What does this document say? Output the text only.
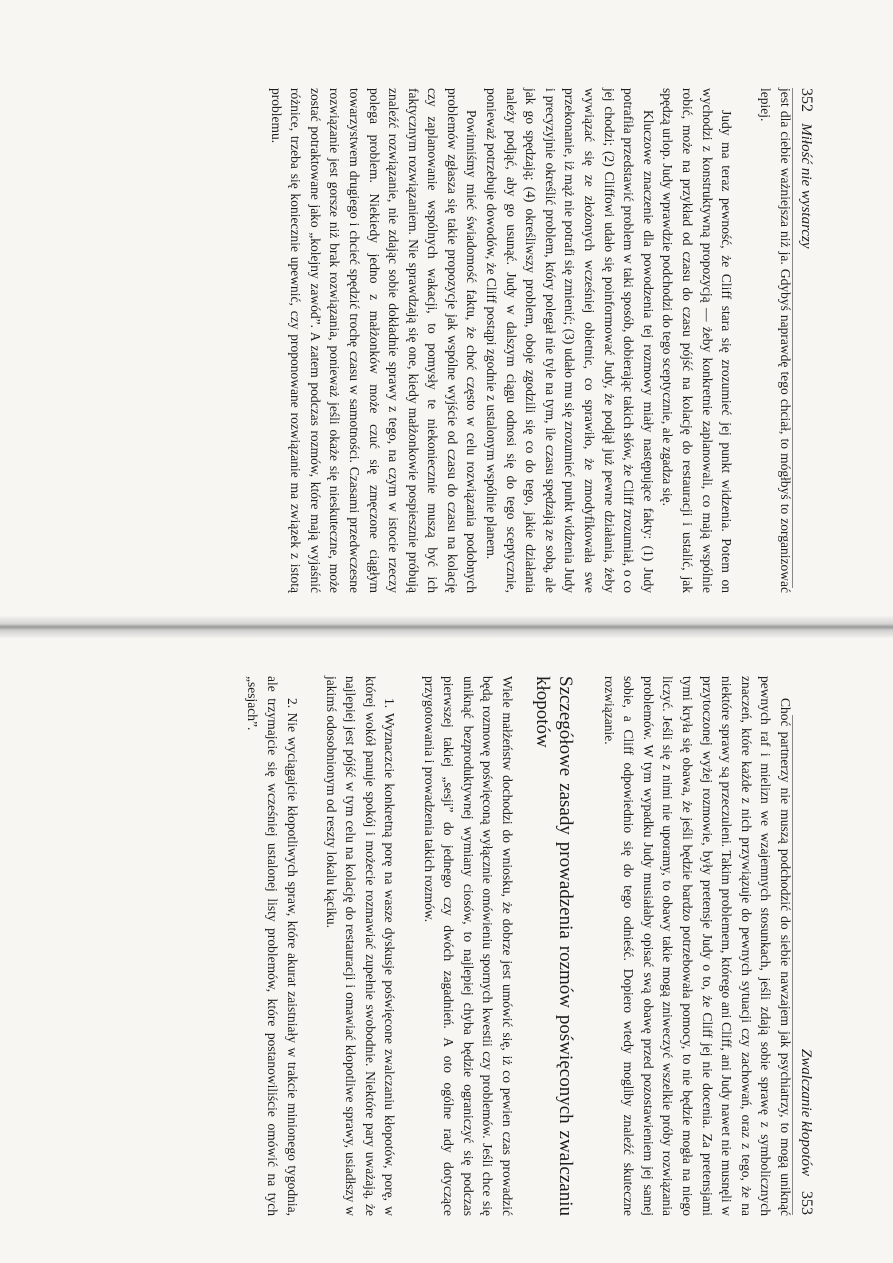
352   Miłość nie wystarczy

jest dla ciebie ważniejsza niż ja. Gdybyś naprawdę tego chciał, to mógłbyś to zorganizować lepiej.

Judy ma teraz pewność, że Cliff stara się zrozumieć jej punkt widzenia. Potem on wychodzi z konstruktywną propozycją — żeby konkretnie zaplanowali, co mają wspólnie robić, może na przykład od czasu do czasu pójść na kolację do restauracji i ustalić, jak spędzą urlop. Judy wprawdzie podchodzi do tego sceptycznie, ale zgadza się.

Kluczowe znaczenie dla powodzenia tej rozmowy miały następujące fakty: (1) Judy potrafiła przedstawić problem w taki sposób, dobierając takich słów, że Cliff zrozumiał, o co jej chodzi; (2) Cliffowi udało się poinformować Judy, że podjął już pewne działania, żeby wywiązać się ze złożonych wcześniej obietnic, co sprawiło, że zmodyfikowała swe przekonanie, iż mąż nie potrafi się zmienić; (3) udało mu się zrozumieć punkt widzenia Judy i precyzyjnie określić problem, który polegał nie tyle na tym, ile czasu spędzają ze sobą, ale jak go spędzają; (4) określiwszy problem, oboje zgodzili się co do tego, jakie działania należy podjąć, aby go usunąć. Judy w dalszym ciągu odnosi się do tego sceptycznie, ponieważ potrzebuje dowodów, że Cliff postąpi zgodnie z ustalonym wspólnie planem.

Powinniśmy mieć świadomość faktu, że choć często w celu rozwiązania podobnych problemów zgłasza się takie propozycje jak wspólne wyjście od czasu do czasu na kolację czy zaplanowanie wspólnych wakacji, to pomysły te niekoniecznie muszą być ich faktycznym rozwiązaniem. Nie sprawdzają się one, kiedy małżonkowie pospiesznie próbują znaleźć rozwiązanie, nie zdając sobie dokładnie sprawy z tego, na czym w istocie rzeczy polega problem. Niekiedy jedno z małżonków może czuć się zmęczone ciągłym towarzystwem drugiego i chcieć spędzić trochę czasu w samotności. Czasami przedwczesne rozwiązanie jest gorsze niż brak rozwiązania, ponieważ jeśli okaże się nieskuteczne, może zostać potraktowane jako „kolejny zawód”. A zatem podczas rozmów, które mają wyjaśnić różnice, trzeba się koniecznie upewnić, czy proponowane rozwiązanie ma związek z istotą problemu.

Zwalczanie kłopotów    353

Choć partnerzy nie muszą podchodzić do siebie nawzajem jak psychiatrzy, to mogą uniknąć pewnych raf i mielizn we wzajemnych stosunkach, jeśli zdają sobie sprawę z symbolicznych znaczeń, które każde z nich przywiązuje do pewnych sytuacji czy zachowań, oraz z tego, że na niektóre sprawy są przeczuleni. Takim problemem, którego ani Cliff, ani Judy nawet nie musnęli w przytoczonej wyżej rozmowie, były pretensje Judy o to, że Cliff jej nie docenia. Za pretensjami tymi kryła się obawa, że jeśli będzie bardzo potrzebowała pomocy, to nie będzie mogła na niego liczyć. Jeśli się z nimi nie uporamy, to obawy takie mogą zniweczyć wszelkie próby rozwiązania problemów. W tym wypadku Judy musiałaby opisać swą obawę przed pozostawieniem jej samej sobie, a Cliff odpowiednio się do tego odnieść. Dopiero wtedy mogliby znaleźć skuteczne rozwiązanie.

Szczegółowe zasady prowadzenia rozmów poświęconych zwalczaniu kłopotów

Wiele małżeństw dochodzi do wniosku, że dobrze jest umówić się, iż co pewien czas prowadzić będą rozmowę poświęconą wyłącznie omówieniu spornych kwestii czy problemów. Jeśli chce się uniknąć bezproduktywnej wymiany ciosów, to najlepiej chyba będzie ograniczyć się podczas pierwszej takiej „sesji” do jednego czy dwóch zagadnień. A oto ogólne rady dotyczące przygotowania i prowadzenia takich rozmów.

1. Wyznaczcie konkretną porę na wasze dyskusje poświęcone zwalczaniu kłopotów, porę, w której wokół panuje spokój i możecie rozmawiać zupełnie swobodnie. Niektóre pary uważają, że najlepiej jest pójść w tym celu na kolację do restauracji i omawiać kłopotliwe sprawy, usiadłszy w jakimś odosobnionym od reszty lokalu kąciku.

2. Nie wyciągajcie kłopotliwych spraw, które akurat zaistniały w trakcie minionego tygodnia, ale trzymajcie się wcześniej ustalonej listy problemów, które postanowiliście omówić na tych „sesjach”.
